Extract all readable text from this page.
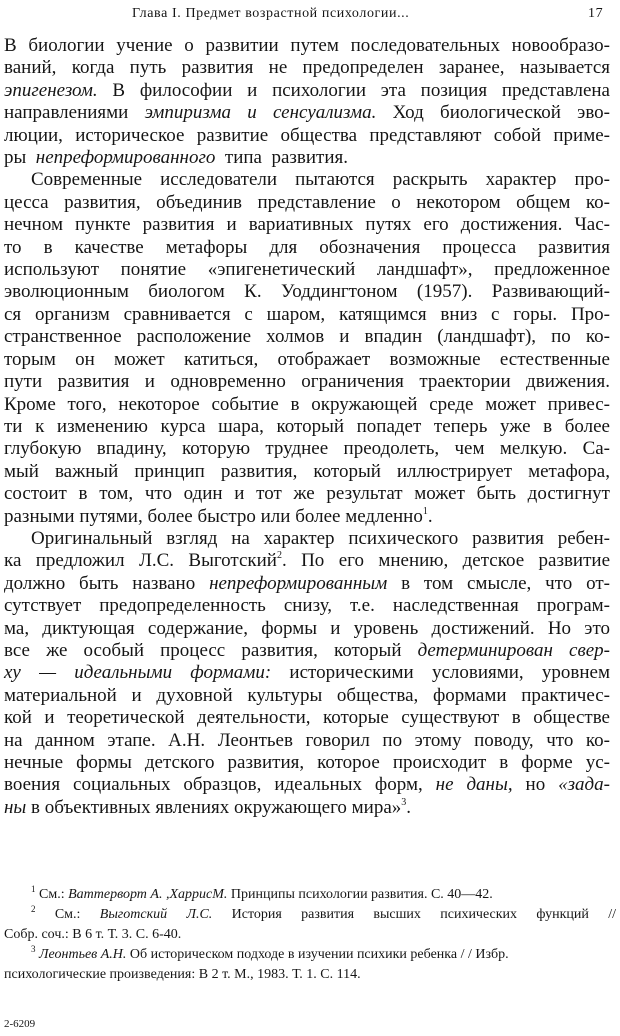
Глава I. Предмет возрастной психологии...	17
В биологии учение о развитии путем последовательных новообразо-
ваний, когда путь развития не предопределен заранее, называется
эпигенезом. В философии и психологии эта позиция представлена
направлениями эмпиризма и сенсуализма. Ход биологической эво-
люции, историческое развитие общества представляют собой приме-
ры  непреформированного  типа  развития.
Современные исследователи пытаются раскрыть характер про-
цесса развития, объединив представление о некотором общем ко-
нечном пункте развития и вариативных путях его достижения. Час-
то в качестве метафоры для обозначения процесса развития
используют понятие «эпигенетический ландшафт», предложенное
эволюционным биологом К. Уоддингтоном (1957). Развивающий-
ся организм сравнивается с шаром, катящимся вниз с горы. Про-
странственное расположение холмов и впадин (ландшафт), по ко-
торым он может катиться, отображает возможные естественные
пути развития и одновременно ограничения траектории движения.
Кроме того, некоторое событие в окружающей среде может привес-
ти к изменению курса шара, который попадет теперь уже в более
глубокую впадину, которую труднее преодолеть, чем мелкую. Са-
мый важный принцип развития, который иллюстрирует метафора,
состоит в том, что один и тот же результат может быть достигнут
разными путями, более быстро или более медленно$^1$.
Оригинальный взгляд на характер психического развития ребен-
ка предложил Л.С. Выготский$^2$. По его мнению, детское развитие
должно быть названо непреформированным в том смысле, что от-
сутствует предопределенность снизу, т.е. наследственная програм-
ма, диктующая содержание, формы и уровень достижений. Но это
все же особый процесс развития, который детерминирован свер-
ху — идеальными формами: историческими условиями, уровнем
материальной и духовной культуры общества, формами практичес-
кой и теоретической деятельности, которые существуют в обществе
на данном этапе. А.Н. Леонтьев говорил по этому поводу, что ко-
нечные формы детского развития, которое происходит в форме ус-
воения социальных образцов, идеальных форм, не даны, но «зада-
ны в объективных явлениях окружающего мира»$^3$.
$^1$ См.: Ваттерворт А. ,ХаррисМ. Принципы психологии развития. С. 40—42.
$^2$ См.: Выготский Л.С. История развития высших психических функций //
Собр. соч.: В 6 т. Т. 3. С. 6-40.
$^3$ Леонтьев А.Н. Об историческом подходе в изучении психики ребенка / / Избр.
психологические произведения: В 2 т. М., 1983. Т. 1. С. 114.
2-6209
